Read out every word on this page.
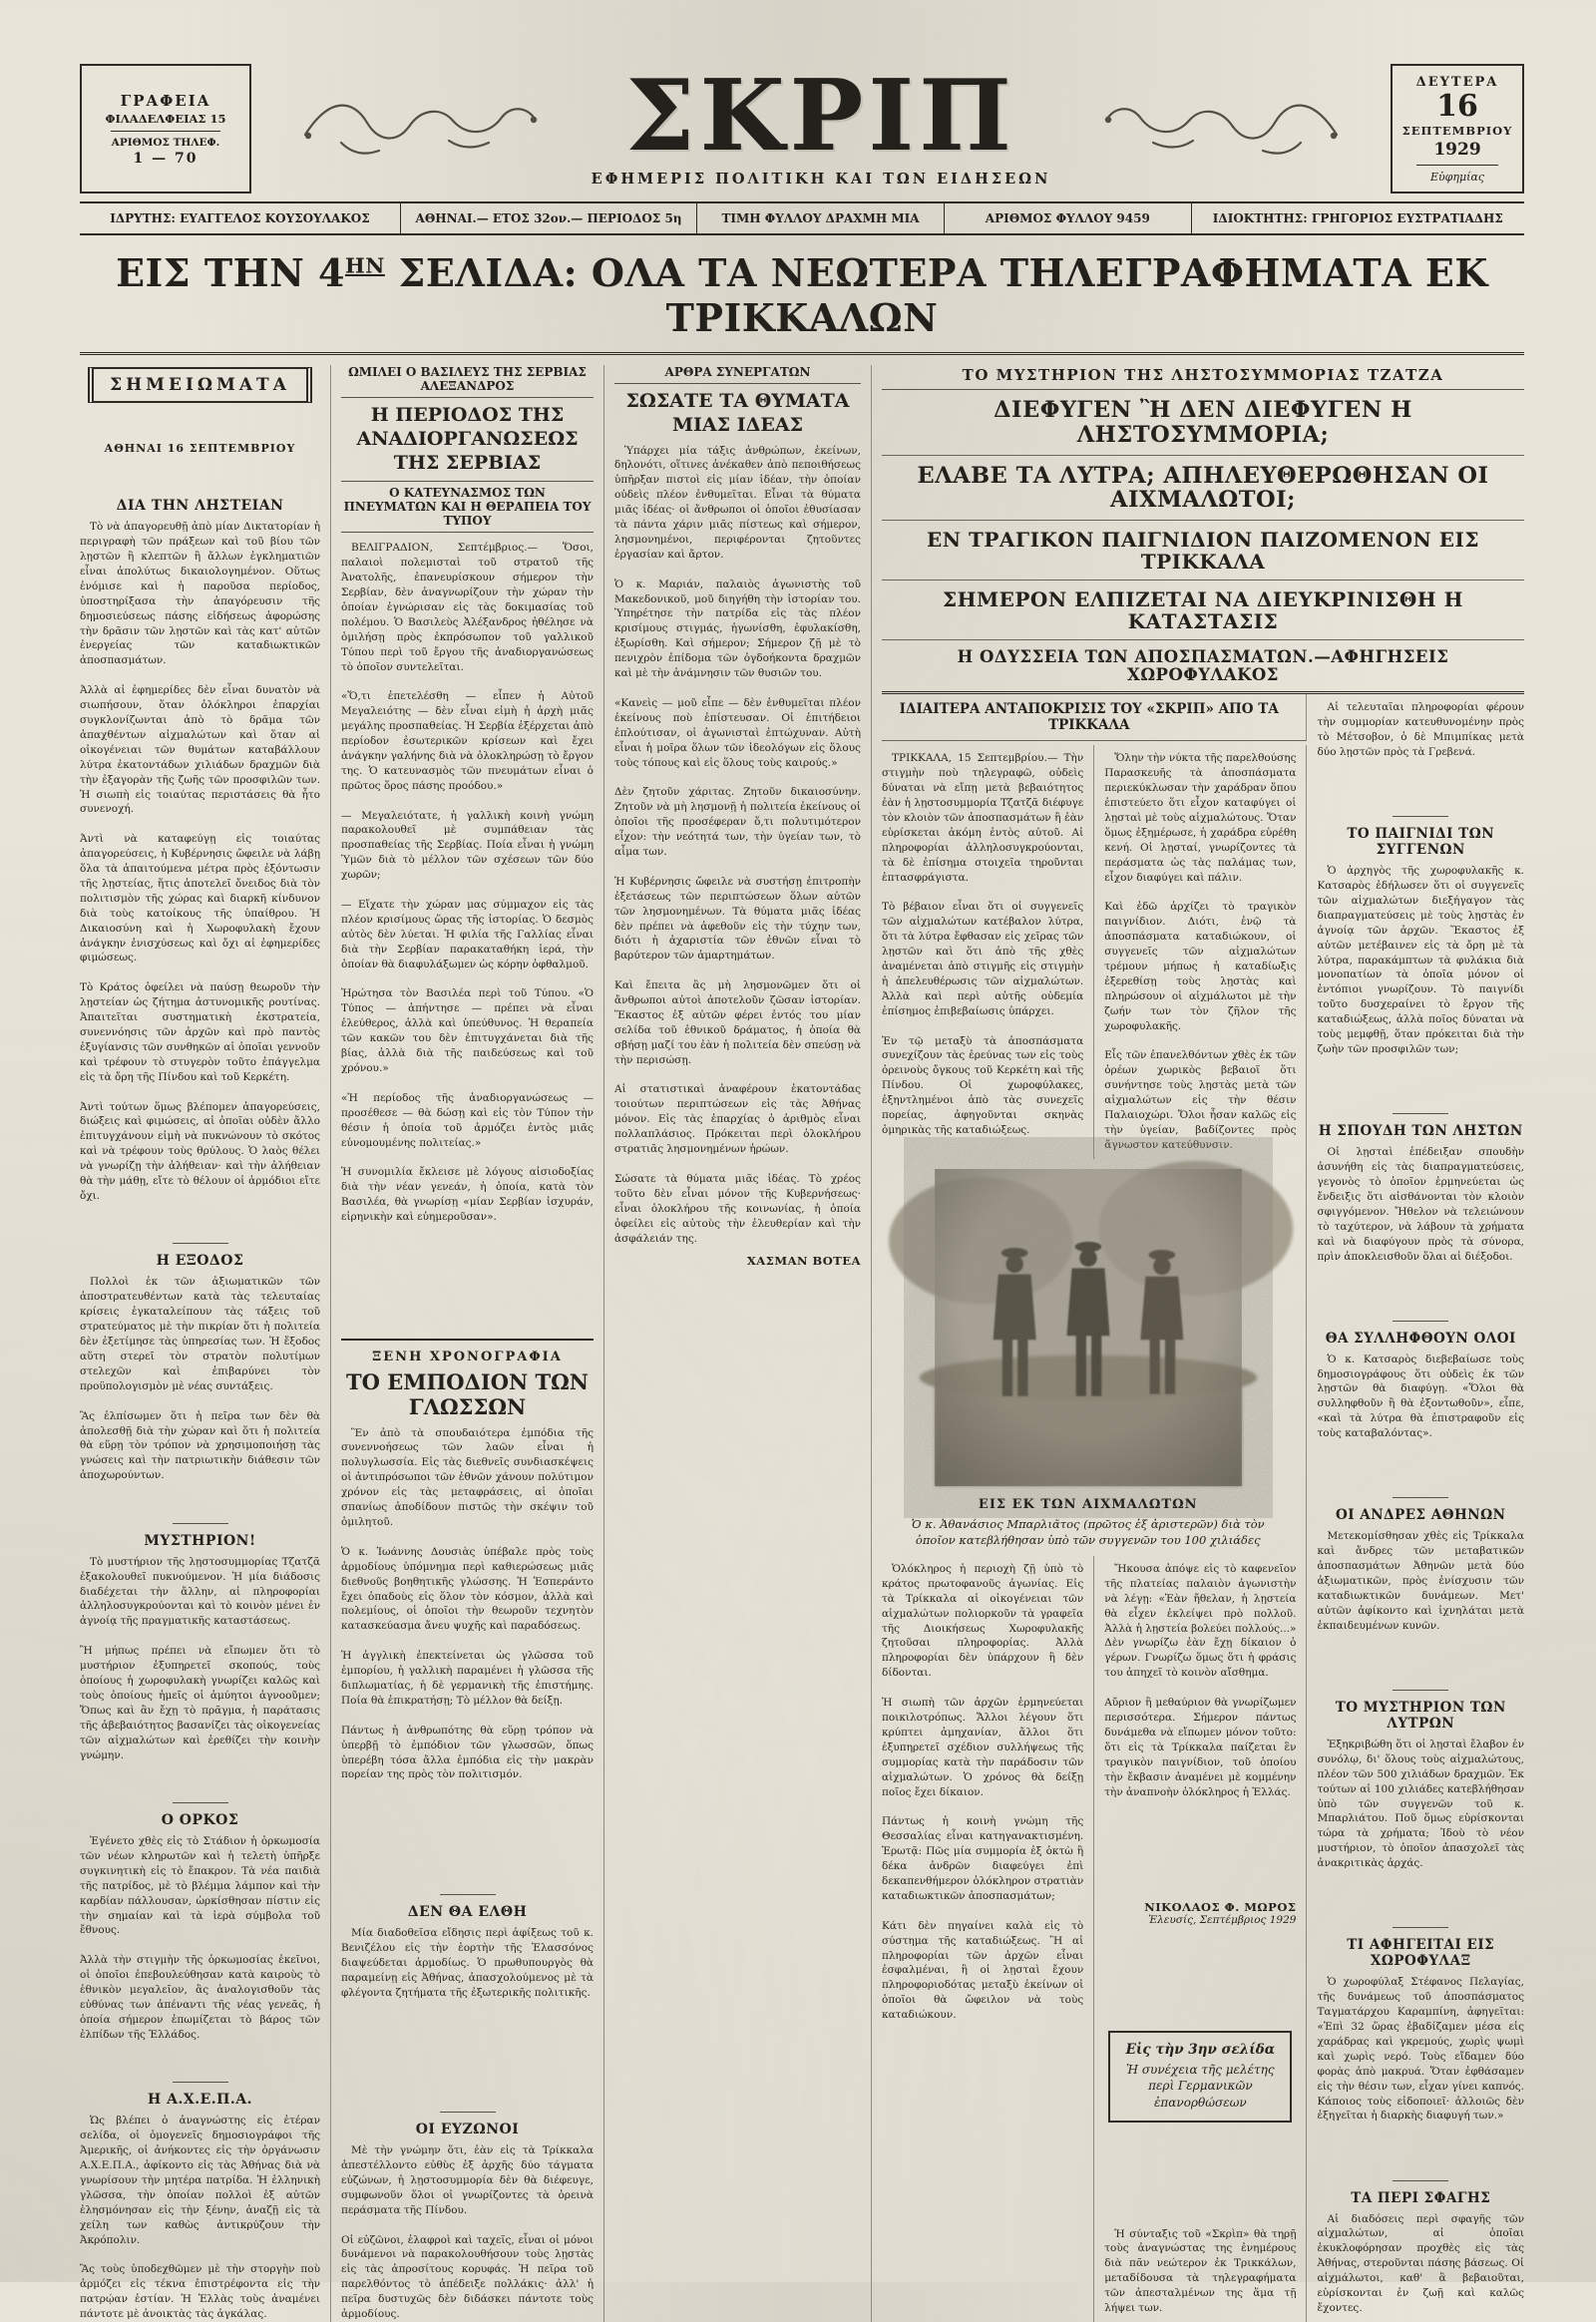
ΓΡΑΦΕΙΑ
ΦΙΛΑΔΕΛΦΕΙΑΣ 15
ΑΡΙΘΜΟΣ ΤΗΛΕΦ.
1 — 70	ΣΚΡΙΠ
ΕΦΗΜΕΡΙΣ ΠΟΛΙΤΙΚΗ ΚΑΙ ΤΩΝ ΕΙΔΗΣΕΩΝ
ΔΕΥΤΕΡΑ
16
ΣΕΠΤΕΜΒΡΙΟΥ
1929
Εὐφημίας
ΙΔΡΥΤΗΣ: ΕΥΑΓΓΕΛΟΣ ΚΟΥΣΟΥΛΑΚΟΣ	ΑΘΗΝΑΙ.— ΕΤΟΣ 32ον.— ΠΕΡΙΟΔΟΣ 5η	ΤΙΜΗ ΦΥΛΛΟΥ ΔΡΑΧΜΗ ΜΙΑ	ΑΡΙΘΜΟΣ ΦΥΛΛΟΥ 9459	ΙΔΙΟΚΤΗΤΗΣ: ΓΡΗΓΟΡΙΟΣ ΕΥΣΤΡΑΤΙΑΔΗΣ
ΕΙΣ ΤΗΝ $4^{HN}$ ΣΕΛΙΔΑ: ΟΛΑ ΤΑ ΝΕΩΤΕΡΑ ΤΗΛΕΓΡΑΦΗΜΑΤΑ ΕΚ ΤΡΙΚΚΑΛΩΝ
ΣΗΜΕΙΩΜΑΤΑ
ΑΘΗΝΑΙ 16 ΣΕΠΤΕΜΒΡΙΟΥ
ΔΙΑ ΤΗΝ ΛΗΣΤΕΙΑΝ
Τὸ νὰ ἀπαγορευθῇ ἀπὸ μίαν Δικτατορίαν ἡ περιγραφὴ τῶν πράξεων καὶ τοῦ βίου τῶν λῃστῶν ἢ κλεπτῶν ἢ ἄλλων ἐγκληματιῶν εἶναι ἀπολύτως δικαιολογημένον. Οὕτως ἐνόμισε καὶ ἡ παροῦσα περίοδος, ὑποστηρίξασα τὴν ἀπαγόρευσιν τῆς δημοσιεύσεως πάσης εἰδήσεως ἀφορώσης τὴν δρᾶσιν τῶν λῃστῶν καὶ τὰς κατ' αὐτῶν ἐνεργείας τῶν καταδιωκτικῶν ἀποσπασμάτων.

Ἀλλὰ αἱ ἐφημερίδες δὲν εἶναι δυνατὸν νὰ σιωπήσουν, ὅταν ὁλόκληροι ἐπαρχίαι συγκλονίζωνται ἀπὸ τὸ δρᾶμα τῶν ἀπαχθέντων αἰχμαλώτων καὶ ὅταν αἱ οἰκογένειαι τῶν θυμάτων καταβάλλουν λύτρα ἑκατοντάδων χιλιάδων δραχμῶν διὰ τὴν ἐξαγορὰν τῆς ζωῆς τῶν προσφιλῶν των. Ἡ σιωπὴ εἰς τοιαύτας περιστάσεις θὰ ἦτο συνενοχή.

Ἀντὶ νὰ καταφεύγῃ εἰς τοιαύτας ἀπαγορεύσεις, ἡ Κυβέρνησις ὤφειλε νὰ λάβῃ ὅλα τὰ ἀπαιτούμενα μέτρα πρὸς ἐξόντωσιν τῆς λῃστείας, ἥτις ἀποτελεῖ ὄνειδος διὰ τὸν πολιτισμὸν τῆς χώρας καὶ διαρκῆ κίνδυνον διὰ τοὺς κατοίκους τῆς ὑπαίθρου. Ἡ Δικαιοσύνη καὶ ἡ Χωροφυλακὴ ἔχουν ἀνάγκην ἐνισχύσεως καὶ ὄχι αἱ ἐφημερίδες φιμώσεως.

Τὸ Κράτος ὀφείλει νὰ παύσῃ θεωροῦν τὴν λῃστείαν ὡς ζήτημα ἀστυνομικῆς ρουτίνας. Ἀπαιτεῖται συστηματικὴ ἐκστρατεία, συνεννόησις τῶν ἀρχῶν καὶ πρὸ παντὸς ἐξυγίανσις τῶν συνθηκῶν αἱ ὁποῖαι γεννοῦν καὶ τρέφουν τὸ στυγερὸν τοῦτο ἐπάγγελμα εἰς τὰ ὄρη τῆς Πίνδου καὶ τοῦ Κερκέτη.

Ἀντὶ τούτων ὅμως βλέπομεν ἀπαγορεύσεις, διώξεις καὶ φιμώσεις, αἱ ὁποῖαι οὐδὲν ἄλλο ἐπιτυγχάνουν εἰμὴ νὰ πυκνώνουν τὸ σκότος καὶ νὰ τρέφουν τοὺς θρύλους. Ὁ λαὸς θέλει νὰ γνωρίζῃ τὴν ἀλήθειαν· καὶ τὴν ἀλήθειαν θὰ τὴν μάθῃ, εἴτε τὸ θέλουν οἱ ἁρμόδιοι εἴτε ὄχι.
Η ΕΞΟΔΟΣ
Πολλοὶ ἐκ τῶν ἀξιωματικῶν τῶν ἀποστρατευθέντων κατὰ τὰς τελευταίας κρίσεις ἐγκαταλείπουν τὰς τάξεις τοῦ στρατεύματος μὲ τὴν πικρίαν ὅτι ἡ πολιτεία δὲν ἐξετίμησε τὰς ὑπηρεσίας των. Ἡ ἔξοδος αὕτη στερεῖ τὸν στρατὸν πολυτίμων στελεχῶν καὶ ἐπιβαρύνει τὸν προϋπολογισμὸν μὲ νέας συντάξεις.

Ἂς ἐλπίσωμεν ὅτι ἡ πεῖρα των δὲν θὰ ἀπολεσθῇ διὰ τὴν χώραν καὶ ὅτι ἡ πολιτεία θὰ εὕρῃ τὸν τρόπον νὰ χρησιμοποιήσῃ τὰς γνώσεις καὶ τὴν πατριωτικὴν διάθεσιν τῶν ἀποχωρούντων.
ΜΥΣΤΗΡΙΟΝ!
Τὸ μυστήριον τῆς λῃστοσυμμορίας Τζατζᾶ ἐξακολουθεῖ πυκνούμενον. Ἡ μία διάδοσις διαδέχεται τὴν ἄλλην, αἱ πληροφορίαι ἀλληλοσυγκρούονται καὶ τὸ κοινὸν μένει ἐν ἀγνοίᾳ τῆς πραγματικῆς καταστάσεως.

Ἢ μήπως πρέπει νὰ εἴπωμεν ὅτι τὸ μυστήριον ἐξυπηρετεῖ σκοπούς, τοὺς ὁποίους ἡ χωροφυλακὴ γνωρίζει καλῶς καὶ τοὺς ὁποίους ἡμεῖς οἱ ἀμύητοι ἀγνοοῦμεν; Ὅπως καὶ ἂν ἔχῃ τὸ πρᾶγμα, ἡ παράτασις τῆς ἀβεβαιότητος βασανίζει τὰς οἰκογενείας τῶν αἰχμαλώτων καὶ ἐρεθίζει τὴν κοινὴν γνώμην.
Ο ΟΡΚΟΣ
Ἐγένετο χθὲς εἰς τὸ Στάδιον ἡ ὁρκωμοσία τῶν νέων κληρωτῶν καὶ ἡ τελετὴ ὑπῆρξε συγκινητικὴ εἰς τὸ ἔπακρον. Τὰ νέα παιδιὰ τῆς πατρίδος, μὲ τὸ βλέμμα λάμπον καὶ τὴν καρδίαν πάλλουσαν, ὡρκίσθησαν πίστιν εἰς τὴν σημαίαν καὶ τὰ ἱερὰ σύμβολα τοῦ ἔθνους.

Ἀλλὰ τὴν στιγμὴν τῆς ὁρκωμοσίας ἐκεῖνοι, οἱ ὁποῖοι ἐπεβουλεύθησαν κατὰ καιροὺς τὸ ἐθνικὸν μεγαλεῖον, ἂς ἀναλογισθοῦν τὰς εὐθύνας των ἀπέναντι τῆς νέας γενεᾶς, ἡ ὁποία σήμερον ἐπωμίζεται τὸ βάρος τῶν ἐλπίδων τῆς Ἑλλάδος.
Η Α.Χ.Ε.Π.Α.
Ὡς βλέπει ὁ ἀναγνώστης εἰς ἑτέραν σελίδα, οἱ ὁμογενεῖς δημοσιογράφοι τῆς Ἀμερικῆς, οἱ ἀνήκοντες εἰς τὴν ὀργάνωσιν Α.Χ.Ε.Π.Α., ἀφίκοντο εἰς τὰς Ἀθήνας διὰ νὰ γνωρίσουν τὴν μητέρα πατρίδα. Ἡ ἑλληνικὴ γλῶσσα, τὴν ὁποίαν πολλοὶ ἐξ αὐτῶν ἐλησμόνησαν εἰς τὴν ξένην, ἀναζῇ εἰς τὰ χείλη των καθὼς ἀντικρύζουν τὴν Ἀκρόπολιν.

Ἂς τοὺς ὑποδεχθῶμεν μὲ τὴν στοργὴν ποὺ ἁρμόζει εἰς τέκνα ἐπιστρέφοντα εἰς τὴν πατρῴαν ἑστίαν. Ἡ Ἑλλὰς τοὺς ἀναμένει πάντοτε μὲ ἀνοικτὰς τὰς ἀγκάλας.
ΩΜΙΛΕΙ Ο ΒΑΣΙΛΕΥΣ ΤΗΣ ΣΕΡΒΙΑΣ ΑΛΕΞΑΝΔΡΟΣ
Η ΠΕΡΙΟΔΟΣ ΤΗΣ ΑΝΑΔΙΟΡΓΑΝΩΣΕΩΣ ΤΗΣ ΣΕΡΒΙΑΣ
Ο ΚΑΤΕΥΝΑΣΜΟΣ ΤΩΝ ΠΝΕΥΜΑΤΩΝ ΚΑΙ Η ΘΕΡΑΠΕΙΑ ΤΟΥ ΤΥΠΟΥ
ΒΕΛΙΓΡΑΔΙΟΝ, Σεπτέμβριος.— Ὅσοι, παλαιοὶ πολεμισταὶ τοῦ στρατοῦ τῆς Ἀνατολῆς, ἐπανευρίσκουν σήμερον τὴν Σερβίαν, δὲν ἀναγνωρίζουν τὴν χώραν τὴν ὁποίαν ἐγνώρισαν εἰς τὰς δοκιμασίας τοῦ πολέμου. Ὁ Βασιλεὺς Ἀλέξανδρος ἠθέλησε νὰ ὁμιλήσῃ πρὸς ἐκπρόσωπον τοῦ γαλλικοῦ Τύπου περὶ τοῦ ἔργου τῆς ἀναδιοργανώσεως τὸ ὁποῖον συντελεῖται.

«Ὅ,τι ἐπετελέσθη — εἶπεν ἡ Αὐτοῦ Μεγαλειότης — δὲν εἶναι εἰμὴ ἡ ἀρχὴ μιᾶς μεγάλης προσπαθείας. Ἡ Σερβία ἐξέρχεται ἀπὸ περίοδον ἐσωτερικῶν κρίσεων καὶ ἔχει ἀνάγκην γαλήνης διὰ νὰ ὁλοκληρώσῃ τὸ ἔργον της. Ὁ κατευνασμὸς τῶν πνευμάτων εἶναι ὁ πρῶτος ὅρος πάσης προόδου.»

— Μεγαλειότατε, ἡ γαλλικὴ κοινὴ γνώμη παρακολουθεῖ μὲ συμπάθειαν τὰς προσπαθείας τῆς Σερβίας. Ποία εἶναι ἡ γνώμη Ὑμῶν διὰ τὸ μέλλον τῶν σχέσεων τῶν δύο χωρῶν;

— Εἴχατε τὴν χώραν μας σύμμαχον εἰς τὰς πλέον κρισίμους ὥρας τῆς ἱστορίας. Ὁ δεσμὸς αὐτὸς δὲν λύεται. Ἡ φιλία τῆς Γαλλίας εἶναι διὰ τὴν Σερβίαν παρακαταθήκη ἱερά, τὴν ὁποίαν θὰ διαφυλάξωμεν ὡς κόρην ὀφθαλμοῦ.

Ἠρώτησα τὸν Βασιλέα περὶ τοῦ Τύπου. «Ὁ Τύπος — ἀπήντησε — πρέπει νὰ εἶναι ἐλεύθερος, ἀλλὰ καὶ ὑπεύθυνος. Ἡ θεραπεία τῶν κακῶν του δὲν ἐπιτυγχάνεται διὰ τῆς βίας, ἀλλὰ διὰ τῆς παιδεύσεως καὶ τοῦ χρόνου.»

«Ἡ περίοδος τῆς ἀναδιοργανώσεως — προσέθεσε — θὰ δώσῃ καὶ εἰς τὸν Τύπον τὴν θέσιν ἡ ὁποία τοῦ ἁρμόζει ἐντὸς μιᾶς εὐνομουμένης πολιτείας.»

Ἡ συνομιλία ἔκλεισε μὲ λόγους αἰσιοδοξίας διὰ τὴν νέαν γενεάν, ἡ ὁποία, κατὰ τὸν Βασιλέα, θὰ γνωρίσῃ «μίαν Σερβίαν ἰσχυράν, εἰρηνικὴν καὶ εὐημεροῦσαν».
ΞΕΝΗ ΧΡΟΝΟΓΡΑΦΙΑ
ΤΟ ΕΜΠΟΔΙΟΝ ΤΩΝ ΓΛΩΣΣΩΝ
Ἓν ἀπὸ τὰ σπουδαιότερα ἐμπόδια τῆς συνεννοήσεως τῶν λαῶν εἶναι ἡ πολυγλωσσία. Εἰς τὰς διεθνεῖς συνδιασκέψεις οἱ ἀντιπρόσωποι τῶν ἐθνῶν χάνουν πολύτιμον χρόνον εἰς τὰς μεταφράσεις, αἱ ὁποῖαι σπανίως ἀποδίδουν πιστῶς τὴν σκέψιν τοῦ ὁμιλητοῦ.

Ὁ κ. Ἰωάννης Δουσιὰς ὑπέβαλε πρὸς τοὺς ἁρμοδίους ὑπόμνημα περὶ καθιερώσεως μιᾶς διεθνοῦς βοηθητικῆς γλώσσης. Ἡ Ἐσπεράντο ἔχει ὀπαδοὺς εἰς ὅλον τὸν κόσμον, ἀλλὰ καὶ πολεμίους, οἱ ὁποῖοι τὴν θεωροῦν τεχνητὸν κατασκεύασμα ἄνευ ψυχῆς καὶ παραδόσεως.

Ἡ ἀγγλικὴ ἐπεκτείνεται ὡς γλῶσσα τοῦ ἐμπορίου, ἡ γαλλικὴ παραμένει ἡ γλῶσσα τῆς διπλωματίας, ἡ δὲ γερμανικὴ τῆς ἐπιστήμης. Ποία θὰ ἐπικρατήσῃ; Τὸ μέλλον θὰ δείξῃ.

Πάντως ἡ ἀνθρωπότης θὰ εὕρῃ τρόπον νὰ ὑπερβῇ τὸ ἐμπόδιον τῶν γλωσσῶν, ὅπως ὑπερέβη τόσα ἄλλα ἐμπόδια εἰς τὴν μακρὰν πορείαν της πρὸς τὸν πολιτισμόν.
ΔΕΝ ΘΑ ΕΛΘΗ
Μία διαδοθεῖσα εἴδησις περὶ ἀφίξεως τοῦ κ. Βενιζέλου εἰς τὴν ἑορτὴν τῆς Ἐλασσόνος διαψεύδεται ἁρμοδίως. Ὁ πρωθυπουργὸς θὰ παραμείνῃ εἰς Ἀθήνας, ἀπασχολούμενος μὲ τὰ φλέγοντα ζητήματα τῆς ἐξωτερικῆς πολιτικῆς.
ΟΙ ΕΥΖΩΝΟΙ
Μὲ τὴν γνώμην ὅτι, ἐὰν εἰς τὰ Τρίκκαλα ἀπεστέλλοντο εὐθὺς ἐξ ἀρχῆς δύο τάγματα εὐζώνων, ἡ λῃστοσυμμορία δὲν θὰ διέφευγε, συμφωνοῦν ὅλοι οἱ γνωρίζοντες τὰ ὀρεινὰ περάσματα τῆς Πίνδου.

Οἱ εὐζῶνοι, ἐλαφροὶ καὶ ταχεῖς, εἶναι οἱ μόνοι δυνάμενοι νὰ παρακολουθήσουν τοὺς λῃστὰς εἰς τὰς ἀπροσίτους κορυφάς. Ἡ πεῖρα τοῦ παρελθόντος τὸ ἀπέδειξε πολλάκις· ἀλλ' ἡ πεῖρα δυστυχῶς δὲν διδάσκει πάντοτε τοὺς ἁρμοδίους.
ΑΡΘΡΑ ΣΥΝΕΡΓΑΤΩΝ
ΣΩΣΑΤΕ ΤΑ ΘΥΜΑΤΑ ΜΙΑΣ ΙΔΕΑΣ
Ὑπάρχει μία τάξις ἀνθρώπων, ἐκείνων, δηλονότι, οἵτινες ἀνέκαθεν ἀπὸ πεποιθήσεως ὑπῆρξαν πιστοὶ εἰς μίαν ἰδέαν, τὴν ὁποίαν οὐδεὶς πλέον ἐνθυμεῖται. Εἶναι τὰ θύματα μιᾶς ἰδέας· οἱ ἄνθρωποι οἱ ὁποῖοι ἐθυσίασαν τὰ πάντα χάριν μιᾶς πίστεως καὶ σήμερον, λησμονημένοι, περιφέρονται ζητοῦντες ἐργασίαν καὶ ἄρτον.

Ὁ κ. Μαριάν, παλαιὸς ἀγωνιστὴς τοῦ Μακεδονικοῦ, μοῦ διηγήθη τὴν ἱστορίαν του. Ὑπηρέτησε τὴν πατρίδα εἰς τὰς πλέον κρισίμους στιγμάς, ἠγωνίσθη, ἐφυλακίσθη, ἐξωρίσθη. Καὶ σήμερον; Σήμερον ζῇ μὲ τὸ πενιχρὸν ἐπίδομα τῶν ὀγδοήκοντα δραχμῶν καὶ μὲ τὴν ἀνάμνησιν τῶν θυσιῶν του.

«Κανεὶς — μοῦ εἶπε — δὲν ἐνθυμεῖται πλέον ἐκείνους ποὺ ἐπίστευσαν. Οἱ ἐπιτήδειοι ἐπλούτισαν, οἱ ἀγωνισταὶ ἐπτώχυναν. Αὐτὴ εἶναι ἡ μοῖρα ὅλων τῶν ἰδεολόγων εἰς ὅλους τοὺς τόπους καὶ εἰς ὅλους τοὺς καιρούς.»

Δὲν ζητοῦν χάριτας. Ζητοῦν δικαιοσύνην. Ζητοῦν νὰ μὴ λησμονῇ ἡ πολιτεία ἐκείνους οἱ ὁποῖοι τῆς προσέφεραν ὅ,τι πολυτιμότερον εἶχον: τὴν νεότητά των, τὴν ὑγείαν των, τὸ αἷμα των.

Ἡ Κυβέρνησις ὤφειλε νὰ συστήσῃ ἐπιτροπὴν ἐξετάσεως τῶν περιπτώσεων ὅλων αὐτῶν τῶν λησμονημένων. Τὰ θύματα μιᾶς ἰδέας δὲν πρέπει νὰ ἀφεθοῦν εἰς τὴν τύχην των, διότι ἡ ἀχαριστία τῶν ἐθνῶν εἶναι τὸ βαρύτερον τῶν ἁμαρτημάτων.

Καὶ ἔπειτα ἂς μὴ λησμονῶμεν ὅτι οἱ ἄνθρωποι αὐτοὶ ἀποτελοῦν ζῶσαν ἱστορίαν. Ἕκαστος ἐξ αὐτῶν φέρει ἐντός του μίαν σελίδα τοῦ ἐθνικοῦ δράματος, ἡ ὁποία θὰ σβήσῃ μαζί του ἐὰν ἡ πολιτεία δὲν σπεύσῃ νὰ τὴν περισώσῃ.

Αἱ στατιστικαὶ ἀναφέρουν ἑκατοντάδας τοιούτων περιπτώσεων εἰς τὰς Ἀθήνας μόνον. Εἰς τὰς ἐπαρχίας ὁ ἀριθμὸς εἶναι πολλαπλάσιος. Πρόκειται περὶ ὁλοκλήρου στρατιᾶς λησμονημένων ἡρώων.

Σώσατε τὰ θύματα μιᾶς ἰδέας. Τὸ χρέος τοῦτο δὲν εἶναι μόνον τῆς Κυβερνήσεως· εἶναι ὁλοκλήρου τῆς κοινωνίας, ἡ ὁποία ὀφείλει εἰς αὐτοὺς τὴν ἐλευθερίαν καὶ τὴν ἀσφάλειάν της.
ΧΑΣΜΑΝ ΒΟΤΕΑ
ΤΟ ΜΥΣΤΗΡΙΟΝ ΤΗΣ ΛΗΣΤΟΣΥΜΜΟΡΙΑΣ ΤΖΑΤΖΑ
ΔΙΕΦΥΓΕΝ Ἢ ΔΕΝ ΔΙΕΦΥΓΕΝ Η ΛΗΣΤΟΣΥΜΜΟΡΙΑ;
ΕΛΑΒΕ ΤΑ ΛΥΤΡΑ; ΑΠΗΛΕΥΘΕΡΩΘΗΣΑΝ ΟΙ ΑΙΧΜΑΛΩΤΟΙ;
ΕΝ ΤΡΑΓΙΚΟΝ ΠΑΙΓΝΙΔΙΟΝ ΠΑΙΖΟΜΕΝΟΝ ΕΙΣ ΤΡΙΚΚΑΛΑ
ΣΗΜΕΡΟΝ ΕΛΠΙΖΕΤΑΙ ΝΑ ΔΙΕΥΚΡΙΝΙΣΘΗ Η ΚΑΤΑΣΤΑΣΙΣ
Η ΟΔΥΣΣΕΙΑ ΤΩΝ ΑΠΟΣΠΑΣΜΑΤΩΝ.—ΑΦΗΓΗΣΕΙΣ ΧΩΡΟΦΥΛΑΚΟΣ
ΙΔΙΑΙΤΕΡΑ ΑΝΤΑΠΟΚΡΙΣΙΣ ΤΟΥ «ΣΚΡΙΠ» ΑΠΟ ΤΑ ΤΡΙΚΚΑΛΑ
ΤΡΙΚΚΑΛΑ, 15 Σεπτεμβρίου.— Τὴν στιγμὴν ποὺ τηλεγραφῶ, οὐδεὶς δύναται νὰ εἴπῃ μετὰ βεβαιότητος ἐὰν ἡ λῃστοσυμμορία Τζατζᾶ διέφυγε τὸν κλοιὸν τῶν ἀποσπασμάτων ἢ ἐὰν εὑρίσκεται ἀκόμη ἐντὸς αὐτοῦ. Αἱ πληροφορίαι ἀλληλοσυγκρούονται, τὰ δὲ ἐπίσημα στοιχεῖα τηροῦνται ἑπτασφράγιστα.

Τὸ βέβαιον εἶναι ὅτι οἱ συγγενεῖς τῶν αἰχμαλώτων κατέβαλον λύτρα, ὅτι τὰ λύτρα ἔφθασαν εἰς χεῖρας τῶν λῃστῶν καὶ ὅτι ἀπὸ τῆς χθὲς ἀναμένεται ἀπὸ στιγμῆς εἰς στιγμὴν ἡ ἀπελευθέρωσις τῶν αἰχμαλώτων. Ἀλλὰ καὶ περὶ αὐτῆς οὐδεμία ἐπίσημος ἐπιβεβαίωσις ὑπάρχει.

Ἐν τῷ μεταξὺ τὰ ἀποσπάσματα συνεχίζουν τὰς ἐρεύνας των εἰς τοὺς ὀρεινοὺς ὄγκους τοῦ Κερκέτη καὶ τῆς Πίνδου. Οἱ χωροφύλακες, ἐξηντλημένοι ἀπὸ τὰς συνεχεῖς πορείας, ἀφηγοῦνται σκηνὰς ὁμηρικὰς τῆς καταδιώξεως.
Ὅλην τὴν νύκτα τῆς παρελθούσης Παρασκευῆς τὰ ἀποσπάσματα περιεκύκλωσαν τὴν χαράδραν ὅπου ἐπιστεύετο ὅτι εἶχον καταφύγει οἱ λῃσταὶ μὲ τοὺς αἰχμαλώτους. Ὅταν ὅμως ἐξημέρωσε, ἡ χαράδρα εὑρέθη κενή. Οἱ λῃσταί, γνωρίζοντες τὰ περάσματα ὡς τὰς παλάμας των, εἶχον διαφύγει καὶ πάλιν.

Καὶ ἐδῶ ἀρχίζει τὸ τραγικὸν παιγνίδιον. Διότι, ἐνῷ τὰ ἀποσπάσματα καταδιώκουν, οἱ συγγενεῖς τῶν αἰχμαλώτων τρέμουν μήπως ἡ καταδίωξις ἐξερεθίσῃ τοὺς λῃστὰς καὶ πληρώσουν οἱ αἰχμάλωτοι μὲ τὴν ζωήν των τὸν ζῆλον τῆς χωροφυλακῆς.

Εἷς τῶν ἐπανελθόντων χθὲς ἐκ τῶν ὀρέων χωρικὸς βεβαιοῖ ὅτι συνήντησε τοὺς λῃστὰς μετὰ τῶν αἰχμαλώτων εἰς τὴν θέσιν Παλαιοχώρι. Ὅλοι ἦσαν καλῶς εἰς τὴν ὑγείαν, βαδίζοντες πρὸς ἄγνωστον κατεύθυνσιν.
ΕΙΣ ΕΚ ΤΩΝ ΑΙΧΜΑΛΩΤΩΝ
Ὁ κ. Ἀθανάσιος Μπαρλιᾶτος (πρῶτος ἐξ ἀριστερῶν) διὰ τὸν ὁποῖον κατεβλήθησαν ὑπὸ τῶν συγγενῶν του 100 χιλιάδες
Ὁλόκληρος ἡ περιοχὴ ζῇ ὑπὸ τὸ κράτος πρωτοφανοῦς ἀγωνίας. Εἰς τὰ Τρίκκαλα αἱ οἰκογένειαι τῶν αἰχμαλώτων πολιορκοῦν τὰ γραφεῖα τῆς Διοικήσεως Χωροφυλακῆς ζητοῦσαι πληροφορίας. Ἀλλὰ πληροφορίαι δὲν ὑπάρχουν ἢ δὲν δίδονται.

Ἡ σιωπὴ τῶν ἀρχῶν ἑρμηνεύεται ποικιλοτρόπως. Ἄλλοι λέγουν ὅτι κρύπτει ἀμηχανίαν, ἄλλοι ὅτι ἐξυπηρετεῖ σχέδιον συλλήψεως τῆς συμμορίας κατὰ τὴν παράδοσιν τῶν αἰχμαλώτων. Ὁ χρόνος θὰ δείξῃ ποῖος ἔχει δίκαιον.

Πάντως ἡ κοινὴ γνώμη τῆς Θεσσαλίας εἶναι κατηγανακτισμένη. Ἐρωτᾷ: Πῶς μία συμμορία ἐξ ὀκτὼ ἢ δέκα ἀνδρῶν διαφεύγει ἐπὶ δεκαπενθήμερον ὁλόκληρον στρατιὰν καταδιωκτικῶν ἀποσπασμάτων;

Κάτι δὲν πηγαίνει καλὰ εἰς τὸ σύστημα τῆς καταδιώξεως. Ἢ αἱ πληροφορίαι τῶν ἀρχῶν εἶναι ἐσφαλμέναι, ἢ οἱ λῃσταὶ ἔχουν πληροφοριοδότας μεταξὺ ἐκείνων οἱ ὁποῖοι θὰ ὤφειλον νὰ τοὺς καταδιώκουν.
Ἤκουσα ἀπόψε εἰς τὸ καφενεῖον τῆς πλατείας παλαιὸν ἀγωνιστὴν νὰ λέγῃ: «Ἐὰν ἤθελαν, ἡ λῃστεία θὰ εἶχεν ἐκλείψει πρὸ πολλοῦ. Ἀλλὰ ἡ λῃστεία βολεύει πολλούς...» Δὲν γνωρίζω ἐὰν ἔχῃ δίκαιον ὁ γέρων. Γνωρίζω ὅμως ὅτι ἡ φράσις του ἀπηχεῖ τὸ κοινὸν αἴσθημα.

Αὔριον ἢ μεθαύριον θὰ γνωρίζωμεν περισσότερα. Σήμερον πάντως δυνάμεθα νὰ εἴπωμεν μόνον τοῦτο: ὅτι εἰς τὰ Τρίκκαλα παίζεται ἓν τραγικὸν παιγνίδιον, τοῦ ὁποίου τὴν ἔκβασιν ἀναμένει μὲ κομμένην τὴν ἀναπνοὴν ὁλόκληρος ἡ Ἑλλάς.
ΝΙΚΟΛΑΟΣ Φ. ΜΩΡΟΣ
Ἐλευσίς, Σεπτέμβριος 1929
Εἰς τὴν 3ην σελίδα
Ἡ συνέχεια τῆς μελέτης περὶ Γερμανικῶν ἐπανορθώσεων
Ἡ σύνταξις τοῦ «Σκρὶπ» θὰ τηρῇ τοὺς ἀναγνώστας της ἐνημέρους διὰ πᾶν νεώτερον ἐκ Τρικκάλων, μεταδίδουσα τὰ τηλεγραφήματα τῶν ἀπεσταλμένων της ἅμα τῇ λήψει των.
Αἱ τελευταῖαι πληροφορίαι φέρουν τὴν συμμορίαν κατευθυνομένην πρὸς τὸ Μέτσοβον, ὁ δὲ Μπιμπίκας μετὰ δύο λῃστῶν πρὸς τὰ Γρεβενά.
ΤΟ ΠΑΙΓΝΙΔΙ ΤΩΝ ΣΥΓΓΕΝΩΝ
Ὁ ἀρχηγὸς τῆς χωροφυλακῆς κ. Κατσαρὸς ἐδήλωσεν ὅτι οἱ συγγενεῖς τῶν αἰχμαλώτων διεξήγαγον τὰς διαπραγματεύσεις μὲ τοὺς λῃστὰς ἐν ἀγνοίᾳ τῶν ἀρχῶν. Ἕκαστος ἐξ αὐτῶν μετέβαινεν εἰς τὰ ὄρη μὲ τὰ λύτρα, παρακάμπτων τὰ φυλάκια διὰ μονοπατίων τὰ ὁποῖα μόνον οἱ ἐντόπιοι γνωρίζουν. Τὸ παιγνίδι τοῦτο δυσχεραίνει τὸ ἔργον τῆς καταδιώξεως, ἀλλὰ ποῖος δύναται νὰ τοὺς μεμφθῇ, ὅταν πρόκειται διὰ τὴν ζωὴν τῶν προσφιλῶν των;
Η ΣΠΟΥΔΗ ΤΩΝ ΛΗΣΤΩΝ
Οἱ λῃσταὶ ἐπέδειξαν σπουδὴν ἀσυνήθη εἰς τὰς διαπραγματεύσεις, γεγονὸς τὸ ὁποῖον ἑρμηνεύεται ὡς ἔνδειξις ὅτι αἰσθάνονται τὸν κλοιὸν σφιγγόμενον. Ἤθελον νὰ τελειώνουν τὸ ταχύτερον, νὰ λάβουν τὰ χρήματα καὶ νὰ διαφύγουν πρὸς τὰ σύνορα, πρὶν ἀποκλεισθοῦν ὅλαι αἱ διέξοδοι.
ΘΑ ΣΥΛΛΗΦΘΟΥΝ ΟΛΟΙ
Ὁ κ. Κατσαρὸς διεβεβαίωσε τοὺς δημοσιογράφους ὅτι οὐδεὶς ἐκ τῶν λῃστῶν θὰ διαφύγῃ. «Ὅλοι θὰ συλληφθοῦν ἢ θὰ ἐξοντωθοῦν», εἶπε, «καὶ τὰ λύτρα θὰ ἐπιστραφοῦν εἰς τοὺς καταβαλόντας».
ΟΙ ΑΝΔΡΕΣ ΑΘΗΝΩΝ
Μετεκομίσθησαν χθὲς εἰς Τρίκκαλα καὶ ἄνδρες τῶν μεταβατικῶν ἀποσπασμάτων Ἀθηνῶν μετὰ δύο ἀξιωματικῶν, πρὸς ἐνίσχυσιν τῶν καταδιωκτικῶν δυνάμεων. Μετ' αὐτῶν ἀφίκοντο καὶ ἰχνηλάται μετὰ ἐκπαιδευμένων κυνῶν.
ΤΟ ΜΥΣΤΗΡΙΟΝ ΤΩΝ ΛΥΤΡΩΝ
Ἐξηκριβώθη ὅτι οἱ λῃσταὶ ἔλαβον ἐν συνόλῳ, δι' ὅλους τοὺς αἰχμαλώτους, πλέον τῶν 500 χιλιάδων δραχμῶν. Ἐκ τούτων αἱ 100 χιλιάδες κατεβλήθησαν ὑπὸ τῶν συγγενῶν τοῦ κ. Μπαρλιάτου. Ποῦ ὅμως εὑρίσκονται τώρα τὰ χρήματα; Ἰδοὺ τὸ νέον μυστήριον, τὸ ὁποῖον ἀπασχολεῖ τὰς ἀνακριτικὰς ἀρχάς.
ΤΙ ΑΦΗΓΕΙΤΑΙ ΕΙΣ ΧΩΡΟΦΥΛΑΞ
Ὁ χωροφύλαξ Στέφανος Πελαγίας, τῆς δυνάμεως τοῦ ἀποσπάσματος Ταγματάρχου Καραμπίνη, ἀφηγεῖται: «Ἐπὶ 32 ὥρας ἐβαδίζαμεν μέσα εἰς χαράδρας καὶ γκρεμούς, χωρὶς ψωμὶ καὶ χωρὶς νερό. Τοὺς εἴδαμεν δύο φορὰς ἀπὸ μακρυά. Ὅταν ἐφθάσαμεν εἰς τὴν θέσιν των, εἶχαν γίνει καπνός. Κάποιος τοὺς εἰδοποιεῖ· ἀλλοιῶς δὲν ἐξηγεῖται ἡ διαρκὴς διαφυγή των.»
ΤΑ ΠΕΡΙ ΣΦΑΓΗΣ
Αἱ διαδόσεις περὶ σφαγῆς τῶν αἰχμαλώτων, αἱ ὁποῖαι ἐκυκλοφόρησαν προχθὲς εἰς τὰς Ἀθήνας, στεροῦνται πάσης βάσεως. Οἱ αἰχμάλωτοι, καθ' ἃ βεβαιοῦται, εὑρίσκονται ἐν ζωῇ καὶ καλῶς ἔχοντες.
